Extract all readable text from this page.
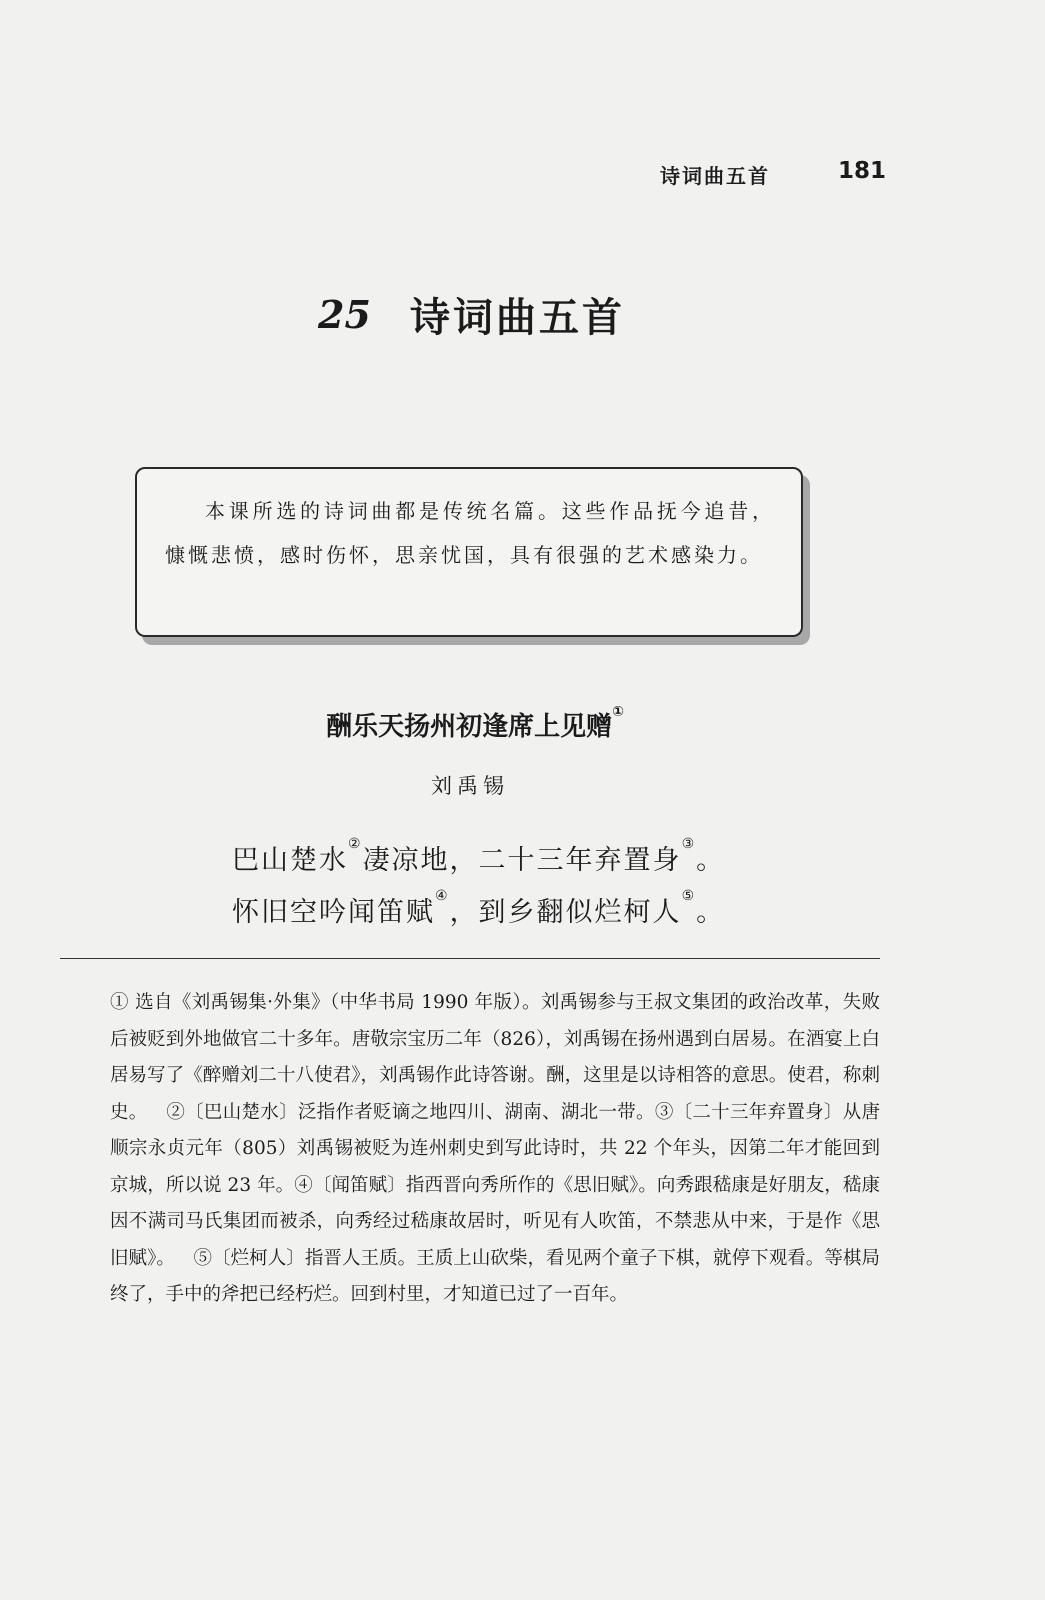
诗词曲五首	181
25 诗词曲五首

本课所选的诗词曲都是传统名篇。这些作品抚今追昔，慷慨悲愤，感时伤怀，思亲忧国，具有很强的艺术感染力。

酬乐天扬州初逢席上见赠①
刘禹锡
巴山楚水②凄凉地，二十三年弃置身③。
怀旧空吟闻笛赋④，到乡翻似烂柯人⑤。
① 选自《刘禹锡集·外集》（中华书局 1990 年版）。刘禹锡参与王叔文集团的政治改革，失败后被贬到外地做官二十多年。唐敬宗宝历二年（826），刘禹锡在扬州遇到白居易。在酒宴上白居易写了《醉赠刘二十八使君》，刘禹锡作此诗答谢。酬，这里是以诗相答的意思。使君，称刺史。  ②〔巴山楚水〕泛指作者贬谪之地四川、湖南、湖北一带。③〔二十三年弃置身〕从唐顺宗永贞元年（805）刘禹锡被贬为连州刺史到写此诗时，共 22 个年头，因第二年才能回到京城，所以说 23 年。④〔闻笛赋〕指西晋向秀所作的《思旧赋》。向秀跟嵇康是好朋友，嵇康因不满司马氏集团而被杀，向秀经过嵇康故居时，听见有人吹笛，不禁悲从中来，于是作《思旧赋》。  ⑤〔烂柯人〕指晋人王质。王质上山砍柴，看见两个童子下棋，就停下观看。等棋局终了，手中的斧把已经朽烂。回到村里，才知道已过了一百年。
